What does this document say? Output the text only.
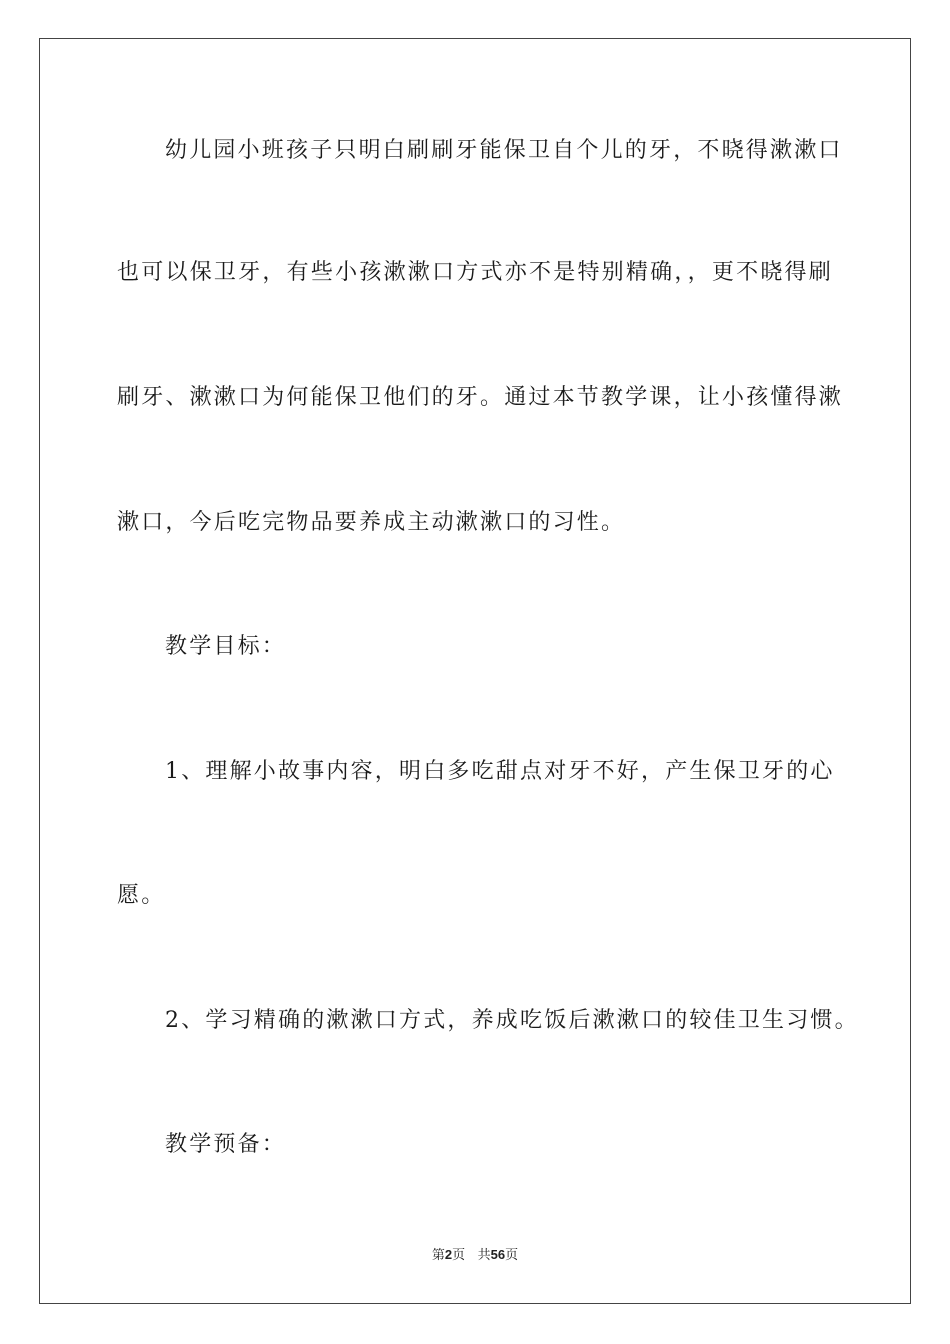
幼儿园小班孩子只明白刷刷牙能保卫自个儿的牙，不晓得漱漱口
也可以保卫牙，有些小孩漱漱口方式亦不是特别精确，，更不晓得刷
刷牙、漱漱口为何能保卫他们的牙。通过本节教学课，让小孩懂得漱
漱口，今后吃完物品要养成主动漱漱口的习性。
教学目标：
1、理解小故事内容，明白多吃甜点对牙不好，产生保卫牙的心
愿。
2、学习精确的漱漱口方式，养成吃饭后漱漱口的较佳卫生习惯。
教学预备：
第2页 共56页
